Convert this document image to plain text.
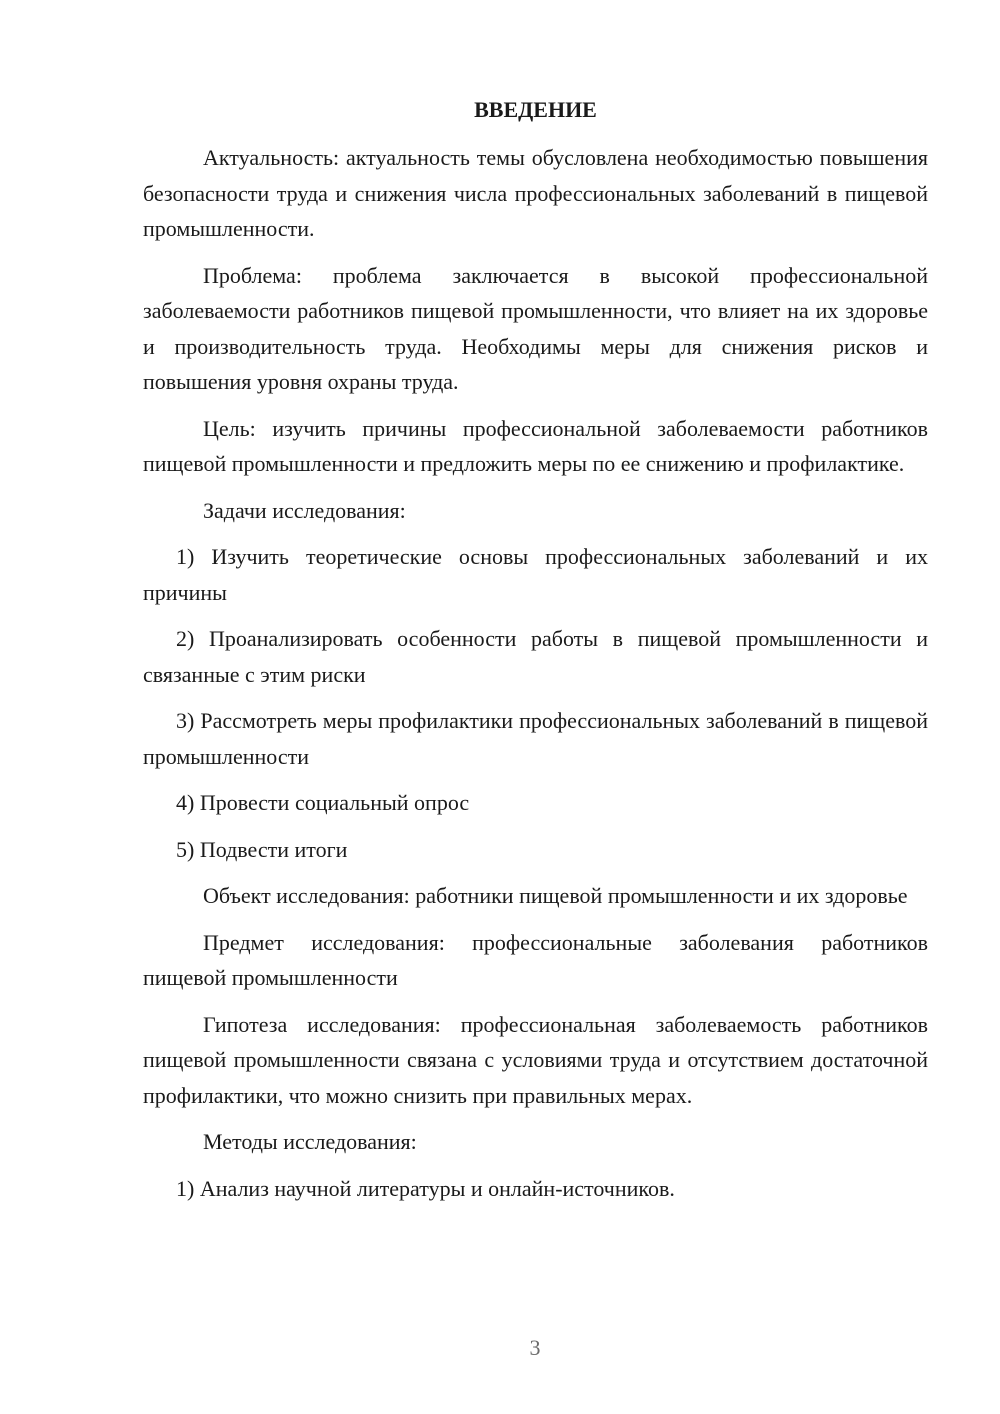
ВВЕДЕНИЕ

Актуальность: актуальность темы обусловлена необходимостью повышения безопасности труда и снижения числа профессиональных заболеваний в пищевой промышленности.

Проблема: проблема заключается в высокой профессиональной заболеваемости работников пищевой промышленности, что влияет на их здоровье и производительность труда. Необходимы меры для снижения рисков и повышения уровня охраны труда.

Цель: изучить причины профессиональной заболеваемости работников пищевой промышленности и предложить меры по ее снижению и профилактике.

Задачи исследования:

1) Изучить теоретические основы профессиональных заболеваний и их причины

2) Проанализировать особенности работы в пищевой промышленности и связанные с этим риски

3) Рассмотреть меры профилактики профессиональных заболеваний в пищевой промышленности

4) Провести социальный опрос

5) Подвести итоги

Объект исследования: работники пищевой промышленности и их здоровье

Предмет исследования: профессиональные заболевания работников пищевой промышленности

Гипотеза исследования: профессиональная заболеваемость работников пищевой промышленности связана с условиями труда и отсутствием достаточной профилактики, что можно снизить при правильных мерах.

Методы исследования:

1) Анализ научной литературы и онлайн-источников.

3
